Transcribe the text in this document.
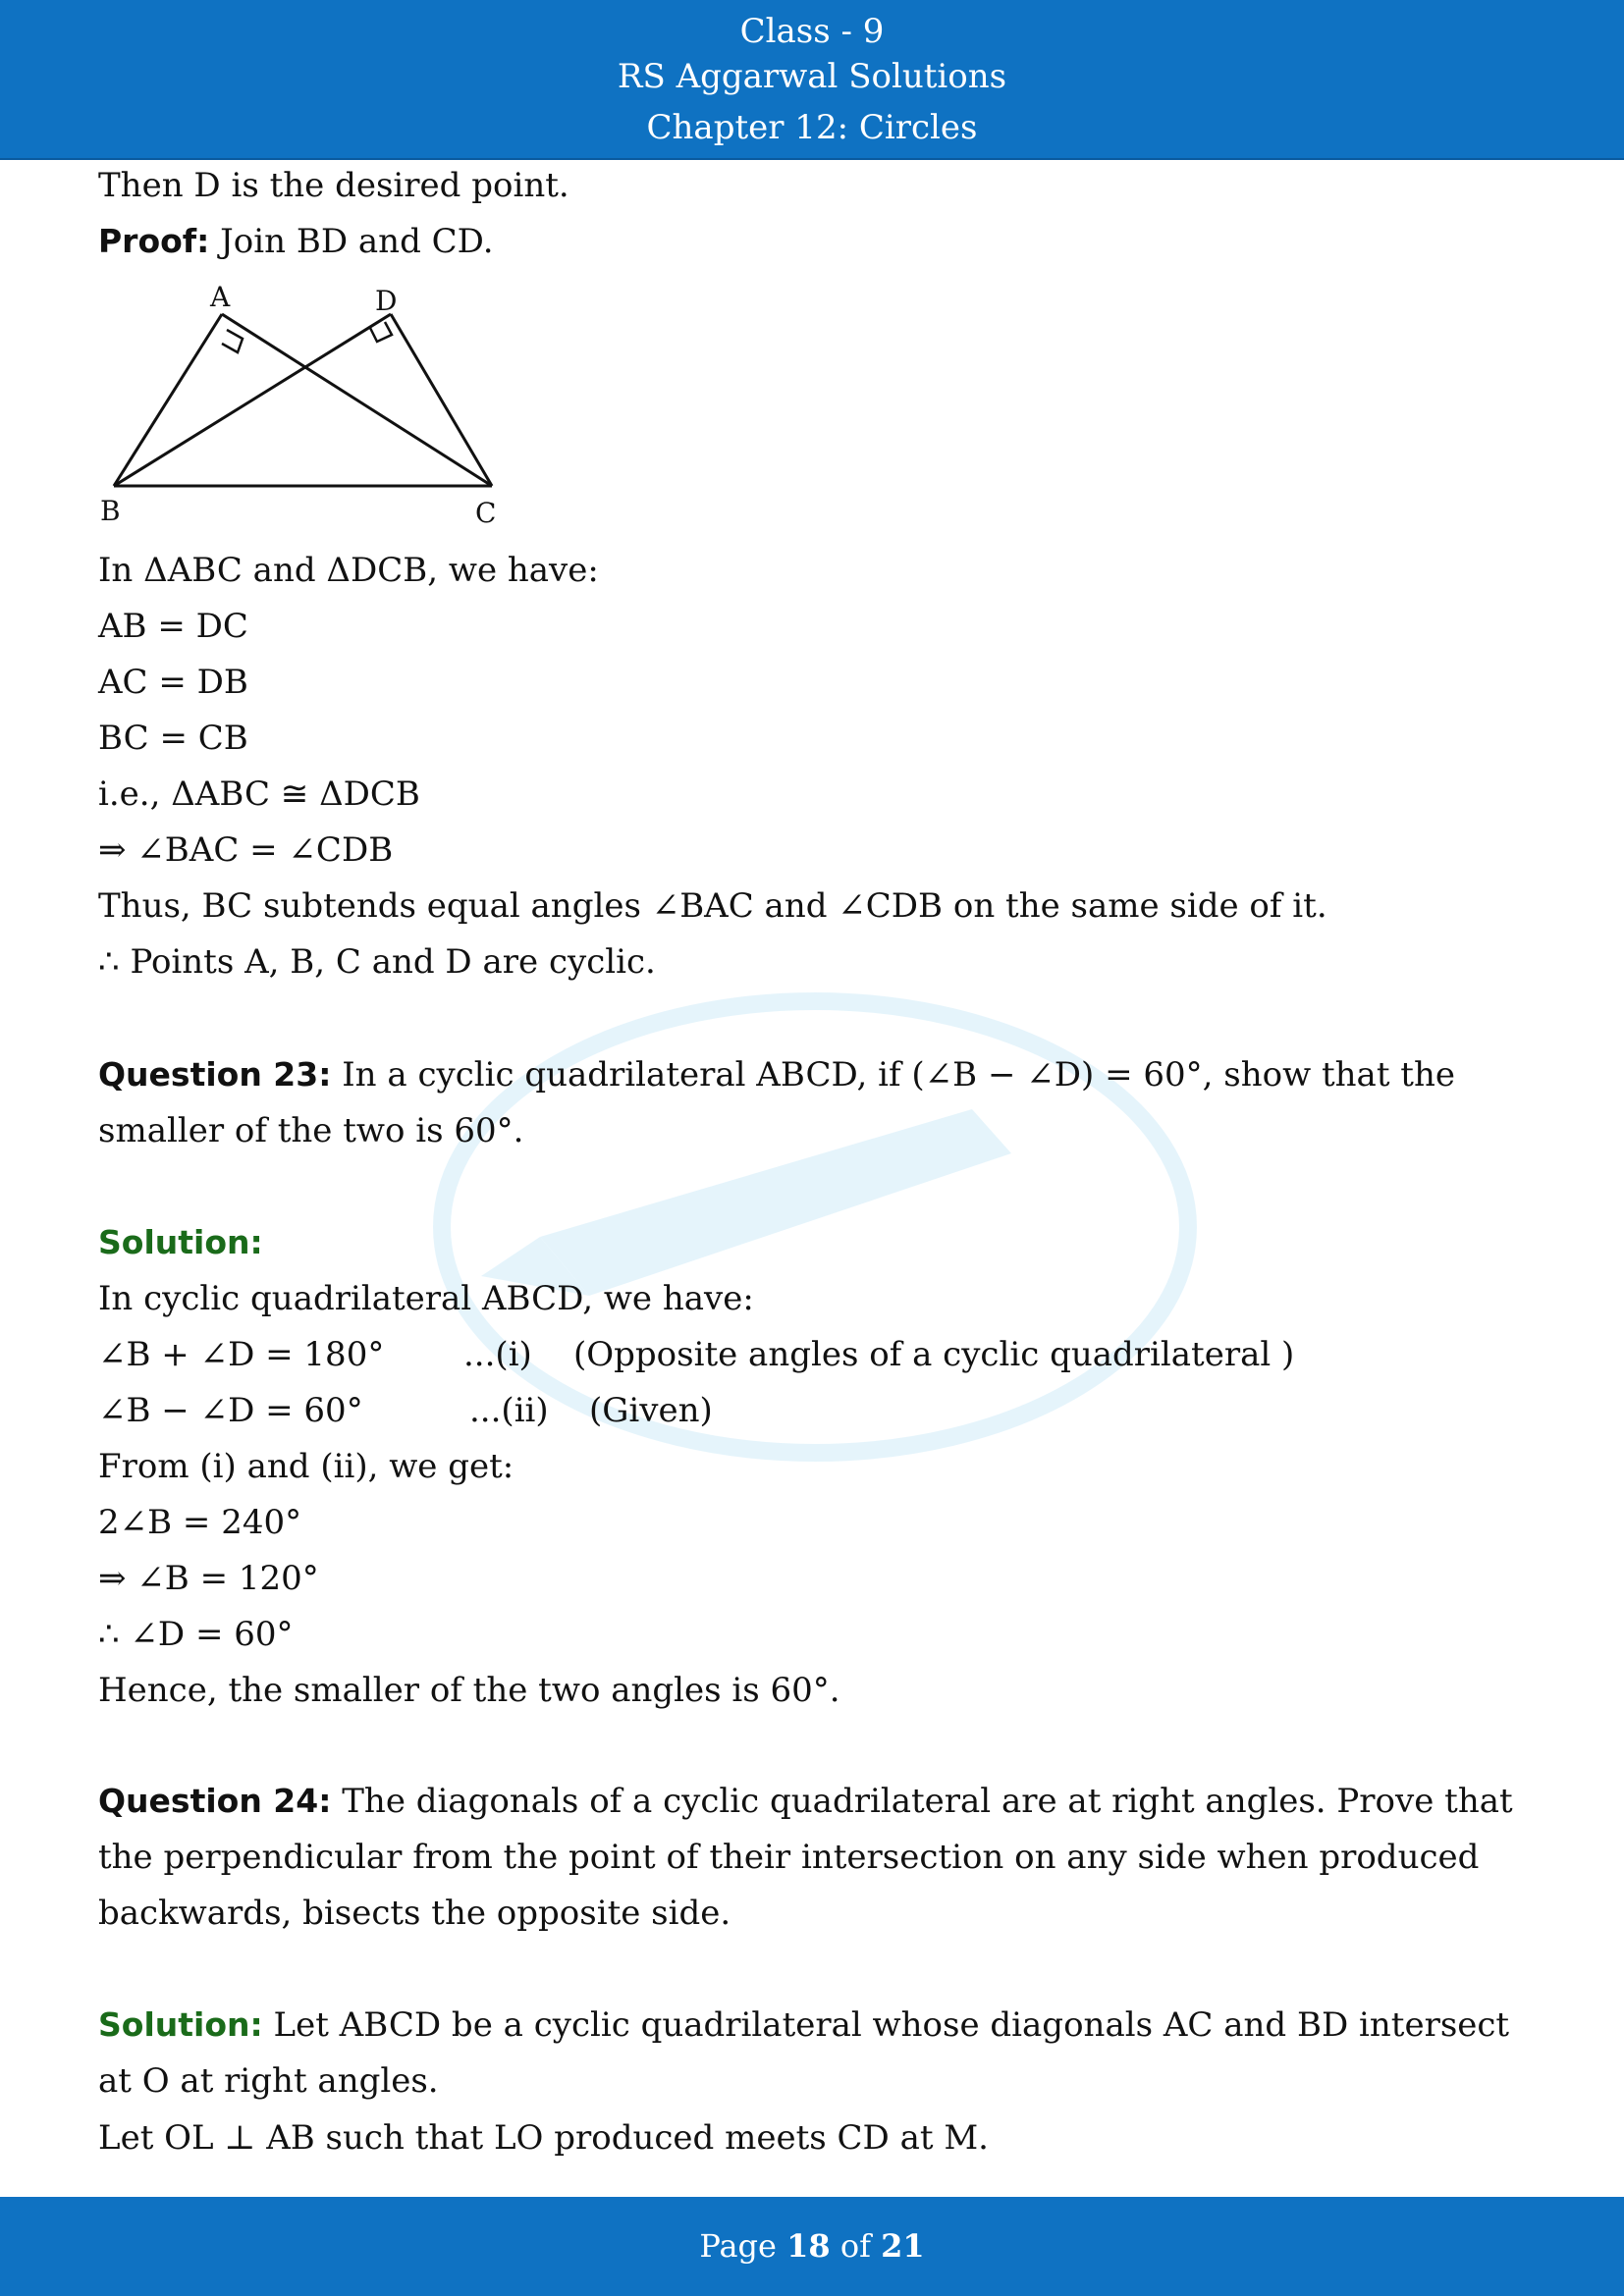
Class - 9
RS Aggarwal Solutions
Chapter 12: Circles
Then D is the desired point.
Proof: Join BD and CD.
A	D
B	C
In ΔABC and ΔDCB, we have:
AB = DC
AC = DB
BC = CB
i.e., ΔABC ≅ ΔDCB
⇒ ∠BAC = ∠CDB
Thus, BC subtends equal angles ∠BAC and ∠CDB on the same side of it.
∴ Points A, B, C and D are cyclic.
Question 23: In a cyclic quadrilateral ABCD, if (∠B − ∠D) = 60°, show that the smaller of the two is 60°.
Solution:
In cyclic quadrilateral ABCD, we have:
∠B + ∠D = 180° ...(i) (Opposite angles of a cyclic quadrilateral )
∠B − ∠D = 60°	...(ii) (Given)
From (i) and (ii), we get:
2∠B = 240°
⇒ ∠B = 120°
∴ ∠D = 60°
Hence, the smaller of the two angles is 60°.
Question 24: The diagonals of a cyclic quadrilateral are at right angles. Prove that the perpendicular from the point of their intersection on any side when produced backwards, bisects the opposite side.
Solution: Let ABCD be a cyclic quadrilateral whose diagonals AC and BD intersect at O at right angles.
Let OL ⊥ AB such that LO produced meets CD at M.
Page 18 of 21
